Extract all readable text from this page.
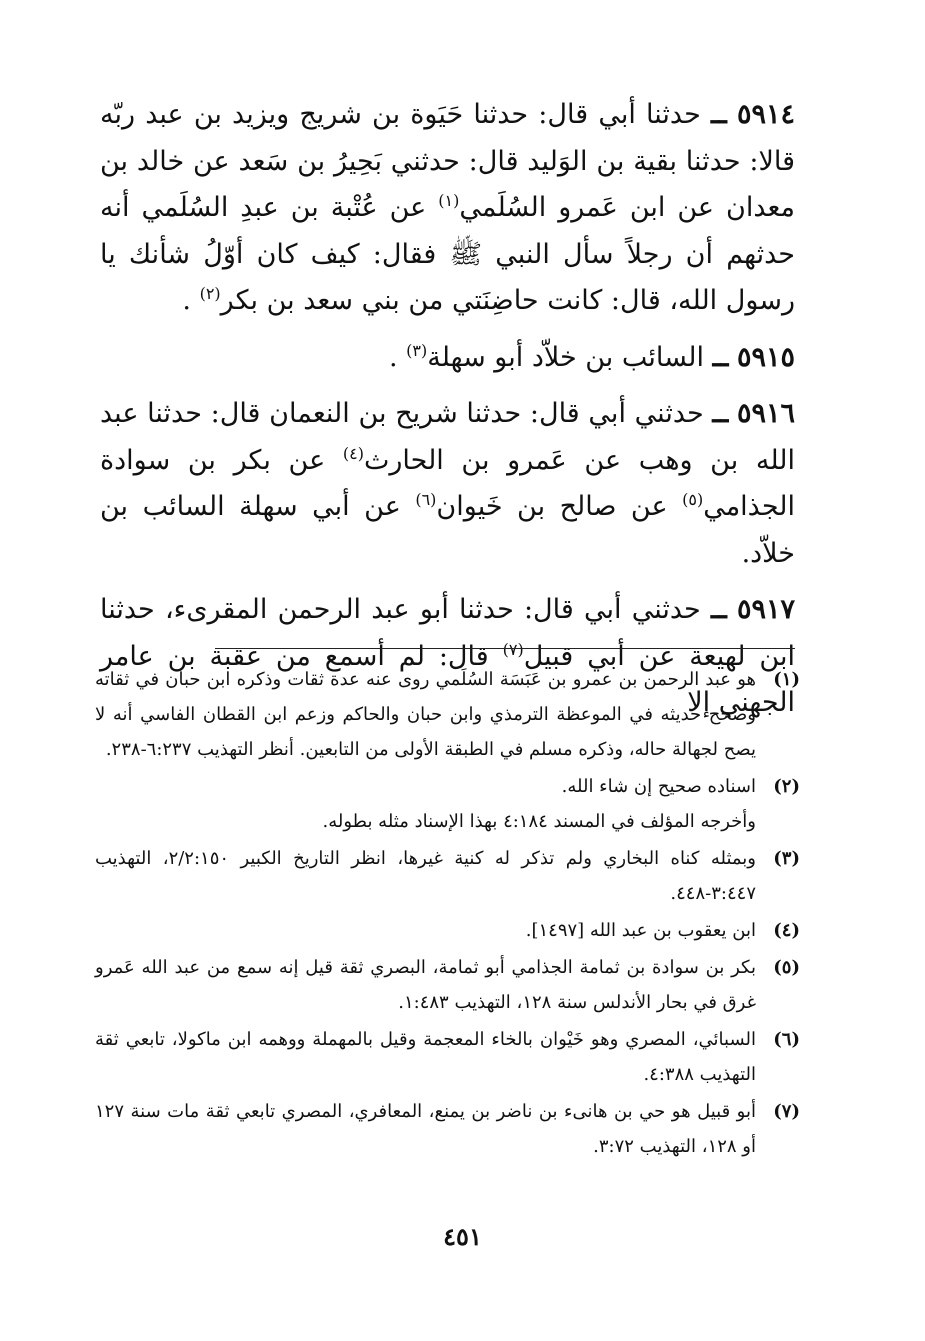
٥٩١٤ ــ حدثنا أبي قال: حدثنا حَيَوة بن شريج ويزيد بن عبد ربّه قالا: حدثنا بقية بن الوَليد قال: حدثني بَحِيرُ بن سَعد عن خالد بن معدان عن ابن عَمرو السُلَمي$^{(١)}$ عن عُتْبة بن عبدِ السُلَمي أنه حدثهم أن رجلاً سأل النبي ﷺ فقال: كيف كان أوّلُ شأنك يا رسول الله، قال: كانت حاضِنَتي من بني سعد بن بكر$^{(٢)}$ .

٥٩١٥ ــ السائب بن خلاّد أبو سهلة$^{(٣)}$ .

٥٩١٦ ــ حدثني أبي قال: حدثنا شريح بن النعمان قال: حدثنا عبد الله بن وهب عن عَمرو بن الحارث$^{(٤)}$ عن بكر بن سوادة الجذامي$^{(٥)}$ عن صالح بن خَيوان$^{(٦)}$ عن أبي سهلة السائب بن خلاّد.

٥٩١٧ ــ حدثني أبي قال: حدثنا أبو عبد الرحمن المقرىء، حدثنا ابن لهيعة عن أبي قبيل$^{(٧)}$ قال: لم أسمع من عقبة بن عامر الجهني إلا

(١)
هو عبد الرحمن بن عمرو بن عَبَسَة السُلَمي روى عنه عدة ثقات وذكره ابن حبان في ثقاته وصحح حديثه في الموعظة الترمذي وابن حبان والحاكم وزعم ابن القطان الفاسي أنه لا يصح لجهالة حاله، وذكره مسلم في الطبقة الأولى من التابعين. أنظر التهذيب ٦:٢٣٧-٢٣٨.
(٢)
اسناده صحيح إن شاء الله.
وأخرجه المؤلف في المسند ٤:١٨٤ بهذا الإسناد مثله بطوله.
(٣)
وبمثله كناه البخاري ولم تذكر له كنية غيرها، انظر التاريخ الكبير ٢/٢:١٥٠، التهذيب ٣:٤٤٧-٤٤٨.
(٤)
ابن يعقوب بن عبد الله [١٤٩٧].
(٥)
بكر بن سوادة بن ثمامة الجذامي أبو ثمامة، البصري ثقة قيل إنه سمع من عبد الله عَمرو غرق في بحار الأندلس سنة ١٢٨، التهذيب ١:٤٨٣.
(٦)
السبائي، المصري وهو خَيْوان بالخاء المعجمة وقيل بالمهملة ووهمه ابن ماكولا، تابعي ثقة التهذيب ٤:٣٨٨.
(٧)
أبو قبيل هو حي بن هانىء بن ناضر بن يمنع، المعافري، المصري تابعي ثقة مات سنة ١٢٧ أو ١٢٨، التهذيب ٣:٧٢.
٤٥١
